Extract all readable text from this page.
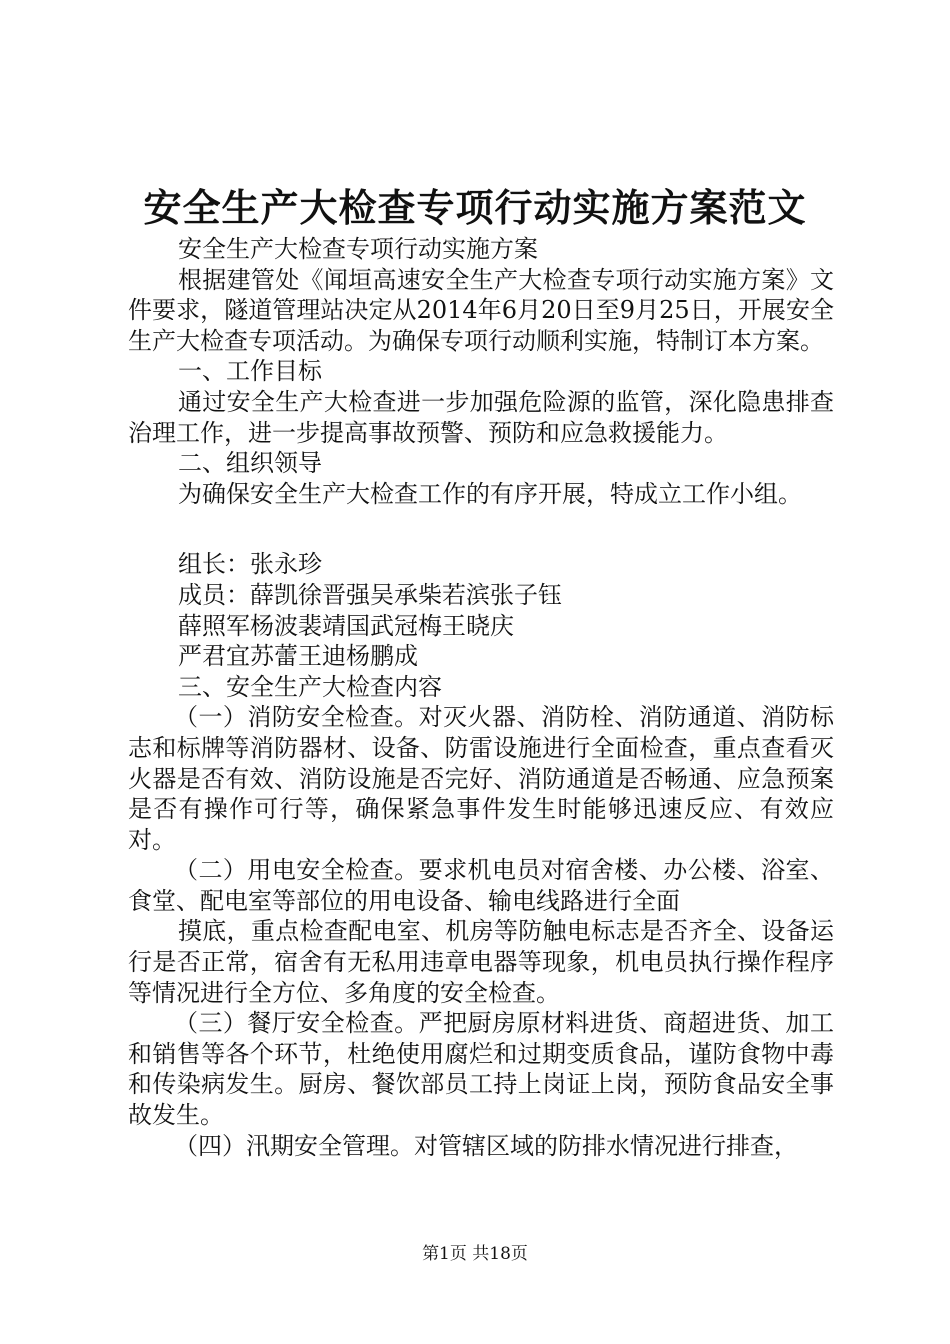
安全生产大检查专项行动实施方案范文

安全生产大检查专项行动实施方案

根据建管处《闻垣高速安全生产大检查专项行动实施方案》文件要求，隧道管理站决定从2014年6月20日至9月25日，开展安全生产大检查专项活动。为确保专项行动顺利实施，特制订本方案。

一、工作目标

通过安全生产大检查进一步加强危险源的监管，深化隐患排查治理工作，进一步提高事故预警、预防和应急救援能力。

二、组织领导

为确保安全生产大检查工作的有序开展，特成立工作小组。

组长：张永珍

成员：薛凯徐晋强吴承柴若滨张子钰

薛照军杨波裴靖国武冠梅王晓庆

严君宜苏蕾王迪杨鹏成

三、安全生产大检查内容

（一）消防安全检查。对灭火器、消防栓、消防通道、消防标志和标牌等消防器材、设备、防雷设施进行全面检查，重点查看灭火器是否有效、消防设施是否完好、消防通道是否畅通、应急预案是否有操作可行等，确保紧急事件发生时能够迅速反应、有效应对。

（二）用电安全检查。要求机电员对宿舍楼、办公楼、浴室、食堂、配电室等部位的用电设备、输电线路进行全面

摸底，重点检查配电室、机房等防触电标志是否齐全、设备运行是否正常，宿舍有无私用违章电器等现象，机电员执行操作程序等情况进行全方位、多角度的安全检查。

（三）餐厅安全检查。严把厨房原材料进货、商超进货、加工和销售等各个环节，杜绝使用腐烂和过期变质食品，谨防食物中毒和传染病发生。厨房、餐饮部员工持上岗证上岗，预防食品安全事故发生。

（四）汛期安全管理。对管辖区域的防排水情况进行排查，

第1页 共18页
